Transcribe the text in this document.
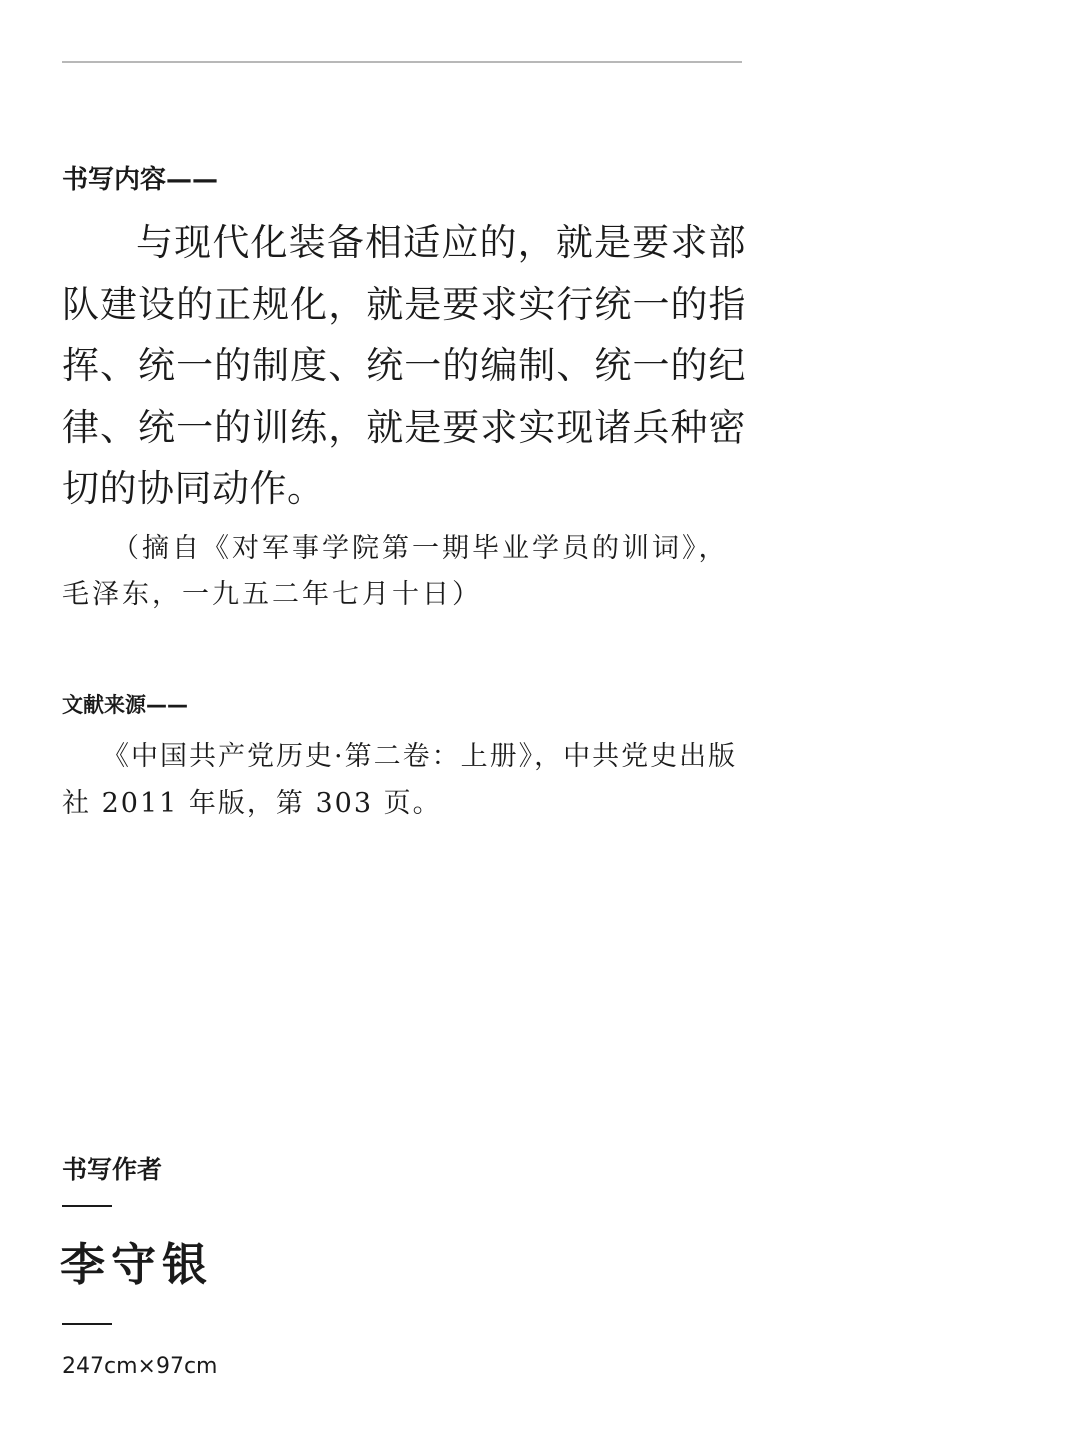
书写内容——

与现代化装备相适应的，就是要求部队建设的正规化，就是要求实行统一的指挥、统一的制度、统一的编制、统一的纪律、统一的训练，就是要求实现诸兵种密切的协同动作。

（摘自《对军事学院第一期毕业学员的训词》，毛泽东，一九五二年七月十日）

文献来源——

《中国共产党历史·第二卷：上册》，中共党史出版社 2011 年版，第 303 页。

书写作者
李守银
247cm×97cm
